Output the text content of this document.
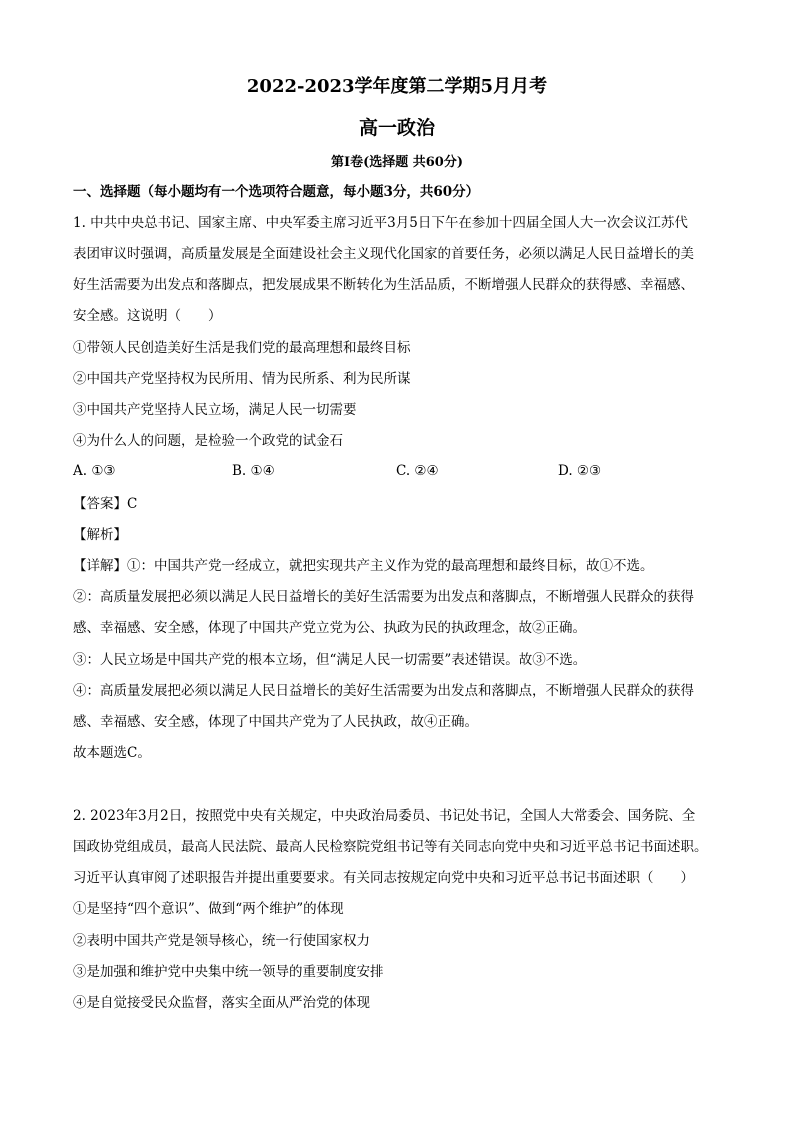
2022-2023学年度第二学期5月月考
高一政治
第Ⅰ卷(选择题 共60分)
一、选择题（每小题均有一个选项符合题意，每小题3分，共60分）
1. 中共中央总书记、国家主席、中央军委主席习近平3月5日下午在参加十四届全国人大一次会议江苏代
表团审议时强调，高质量发展是全面建设社会主义现代化国家的首要任务，必须以满足人民日益增长的美
好生活需要为出发点和落脚点，把发展成果不断转化为生活品质，不断增强人民群众的获得感、幸福感、
安全感。这说明（　　）
①带领人民创造美好生活是我们党的最高理想和最终目标
②中国共产党坚持权为民所用、情为民所系、利为民所谋
③中国共产党坚持人民立场，满足人民一切需要
④为什么人的问题，是检验一个政党的试金石
A. ①③	B. ①④	C. ②④	D. ②③
【答案】C
【解析】
【详解】①：中国共产党一经成立，就把实现共产主义作为党的最高理想和最终目标，故①不选。
②：高质量发展把必须以满足人民日益增长的美好生活需要为出发点和落脚点，不断增强人民群众的获得
感、幸福感、安全感，体现了中国共产党立党为公、执政为民的执政理念，故②正确。
③：人民立场是中国共产党的根本立场，但“满足人民一切需要”表述错误。故③不选。
④：高质量发展把必须以满足人民日益增长的美好生活需要为出发点和落脚点，不断增强人民群众的获得
感、幸福感、安全感，体现了中国共产党为了人民执政，故④正确。
故本题选C。
2. 2023年3月2日，按照党中央有关规定，中央政治局委员、书记处书记，全国人大常委会、国务院、全
国政协党组成员，最高人民法院、最高人民检察院党组书记等有关同志向党中央和习近平总书记书面述职。
习近平认真审阅了述职报告并提出重要要求。有关同志按规定向党中央和习近平总书记书面述职（　　）
①是坚持“四个意识”、做到“两个维护”的体现
②表明中国共产党是领导核心，统一行使国家权力
③是加强和维护党中央集中统一领导的重要制度安排
④是自觉接受民众监督，落实全面从严治党的体现
